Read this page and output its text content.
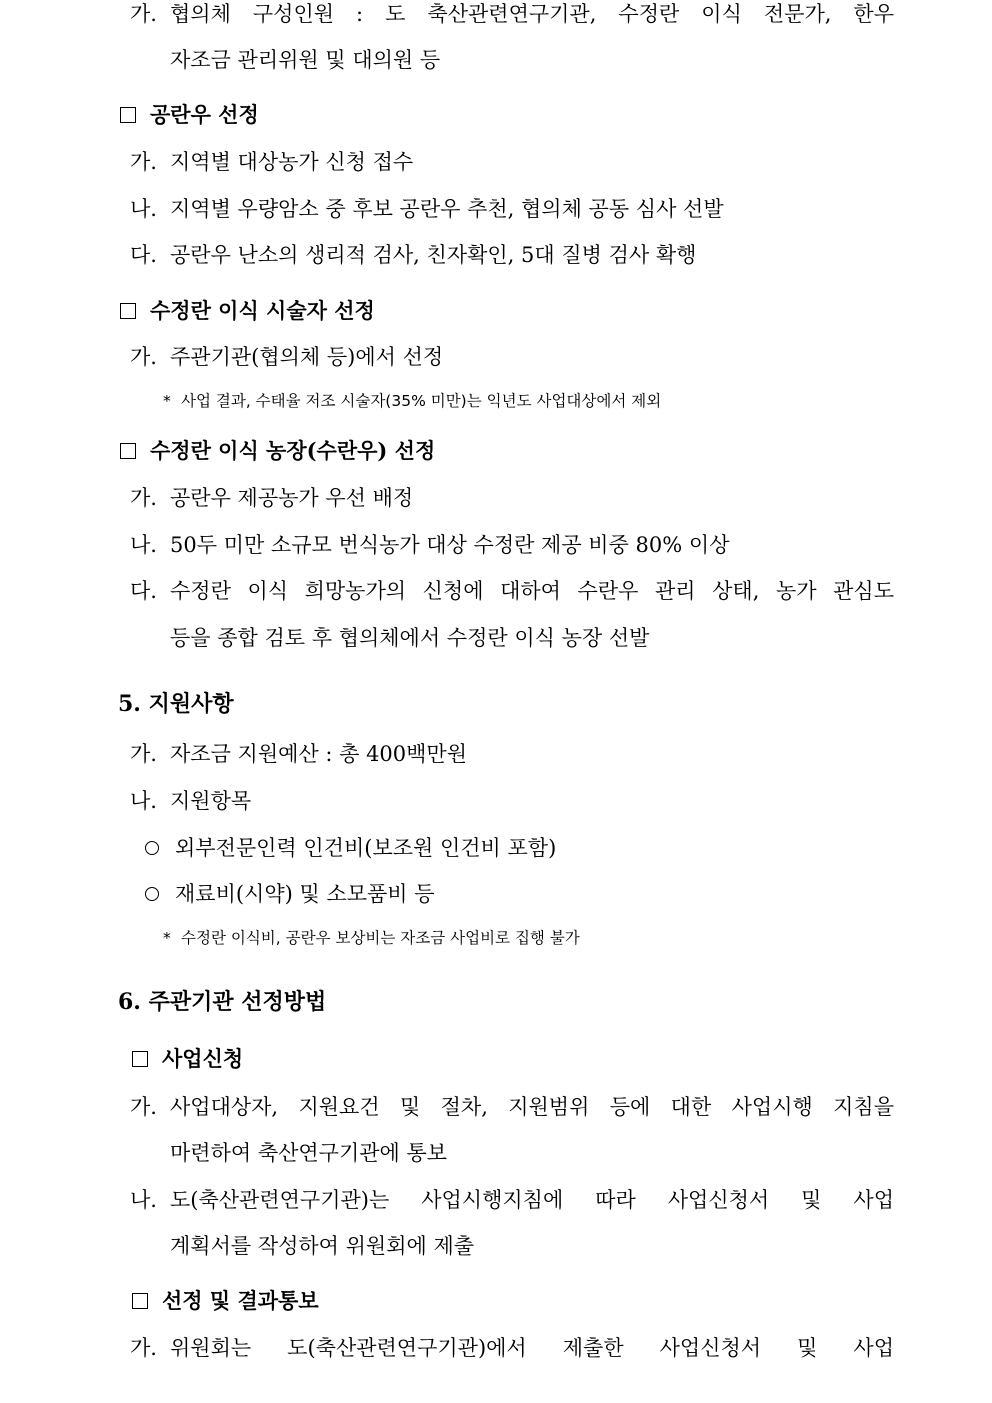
가. 협의체 구성인원 : 도 축산관련연구기관, 수정란 이식 전문가, 한우
자조금 관리위원 및 대의원 등
공란우 선정
가. 지역별 대상농가 신청 접수
나. 지역별 우량암소 중 후보 공란우 추천, 협의체 공동 심사 선발
다. 공란우 난소의 생리적 검사, 친자확인, 5대 질병 검사 확행
수정란 이식 시술자 선정
가. 주관기관(협의체 등)에서 선정
* 사업 결과, 수태율 저조 시술자(35% 미만)는 익년도 사업대상에서 제외
수정란 이식 농장(수란우) 선정
가. 공란우 제공농가 우선 배정
나. 50두 미만 소규모 번식농가 대상 수정란 제공 비중 80% 이상
다. 수정란 이식 희망농가의 신청에 대하여 수란우 관리 상태, 농가 관심도
등을 종합 검토 후 협의체에서 수정란 이식 농장 선발
5. 지원사항
가. 자조금 지원예산 : 총 400백만원
나. 지원항목
외부전문인력 인건비(보조원 인건비 포함)
재료비(시약) 및 소모품비 등
* 수정란 이식비, 공란우 보상비는 자조금 사업비로 집행 불가
6. 주관기관 선정방법
사업신청
가. 사업대상자, 지원요건 및 절차, 지원범위 등에 대한 사업시행 지침을
마련하여 축산연구기관에 통보
나. 도(축산관련연구기관)는 사업시행지침에 따라 사업신청서 및 사업
계획서를 작성하여 위원회에 제출
선정 및 결과통보
가. 위원회는 도(축산관련연구기관)에서 제출한 사업신청서 및 사업
